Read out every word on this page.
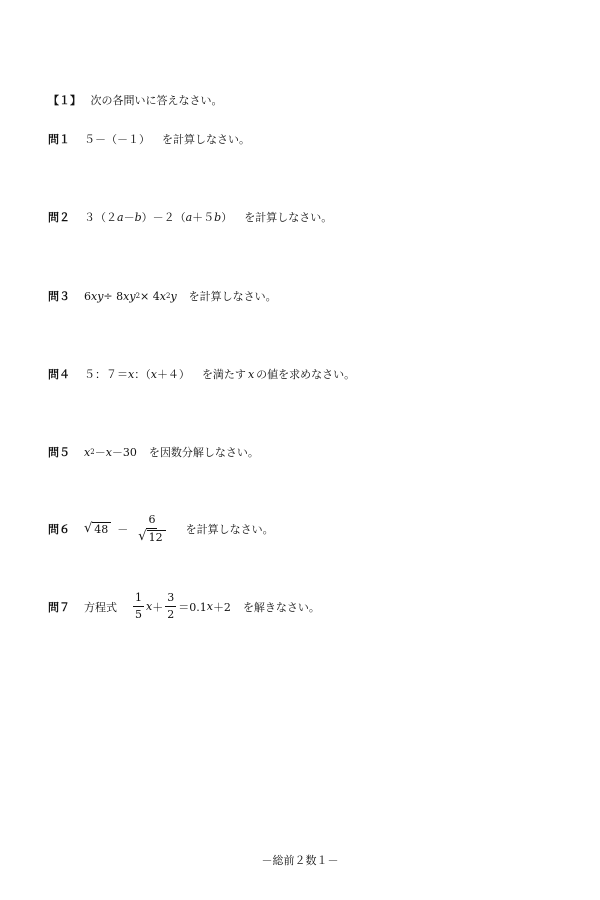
【１】 次の各問いに答えなさい。
問１	５－（－１） を計算しなさい。
問２	３（２ a － b ）－２（ a ＋５ b ） を計算しなさい。
問３	6 xy ÷ 8 xy 2 × 4 x 2 y を計算しなさい。
問４	５：７＝ x ：（ x ＋４） を満たす x の値を求めなさい。
問５	x 2 － x －30 を因数分解しなさい。
問６	√ $48 - \frac{6}{√ 12}$ を計算しなさい。
問７	方程式 $\frac{1}{5}$ $x + \frac{3}{2} =0.1$ x ＋2 を解きなさい。
－総前２数１－
